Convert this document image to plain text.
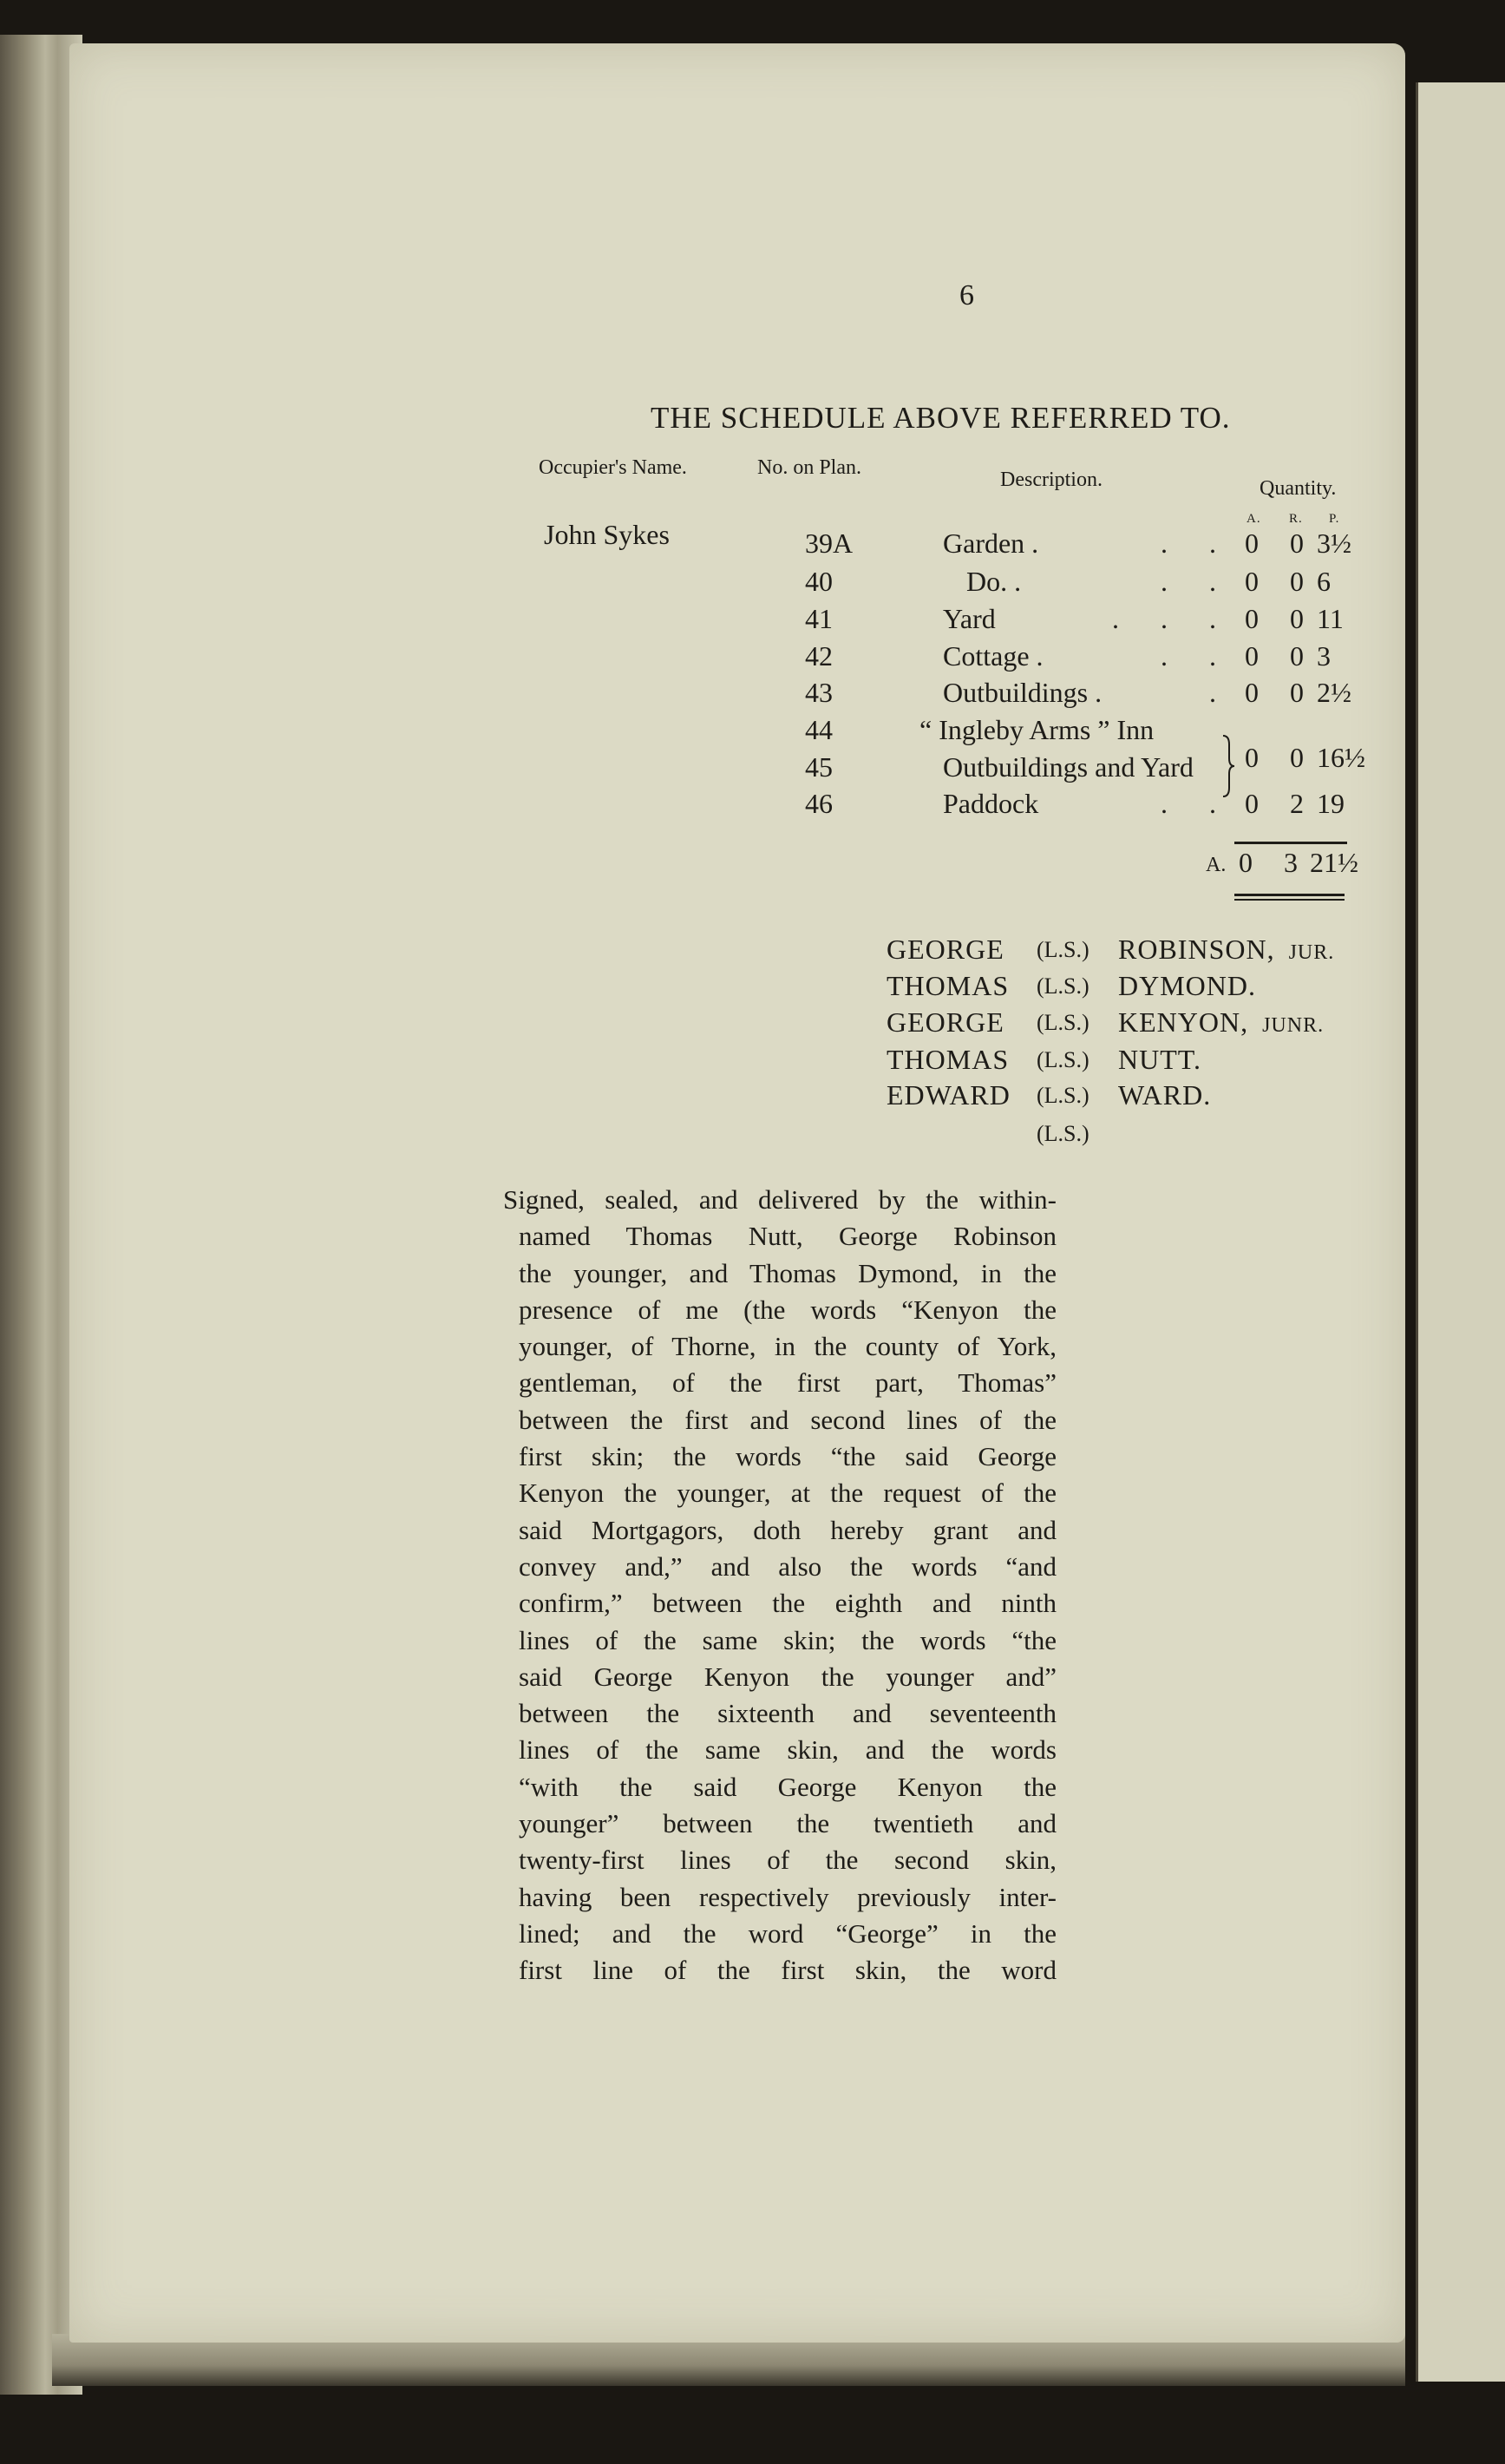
6
THE SCHEDULE ABOVE REFERRED TO.
Occupier's Name.	No. on Plan.
Description.	Quantity.
A. R. P.
John Sykes	39A	Garden .	. . 0 0 3½
40	Do. .	. . 0 0 6
41	Yard	. . . 0 0 11
42	Cottage .	. . 0 0 3
43	Outbuildings .	. 0 0 2½
44	“ Ingleby Arms ” Inn
45	Outbuildings and Yard 0 0 16½
46	Paddock	. . 0 2 19
A. 0 3 21½
GEORGE (L.S.) ROBINSON, JUR.
THOMAS (L.S.) DYMOND.
GEORGE (L.S.) KENYON, JUNR.
THOMAS (L.S.) NUTT.
EDWARD (L.S.) WARD.
(L.S.)
Signed, sealed, and delivered by the within-
named Thomas Nutt, George Robinson
the younger, and Thomas Dymond, in the
presence of me (the words “Kenyon the
younger, of Thorne, in the county of York,
gentleman, of the first part, Thomas”
between the first and second lines of the
first skin; the words “the said George
Kenyon the younger, at the request of the
said Mortgagors, doth hereby grant and
convey and,” and also the words “and
confirm,” between the eighth and ninth
lines of the same skin; the words “the
said George Kenyon the younger and”
between the sixteenth and seventeenth
lines of the same skin, and the words
“with the said George Kenyon the
younger” between the twentieth and
twenty-first lines of the second skin,
having been respectively previously inter-
lined; and the word “George” in the
first line of the first skin, the word
